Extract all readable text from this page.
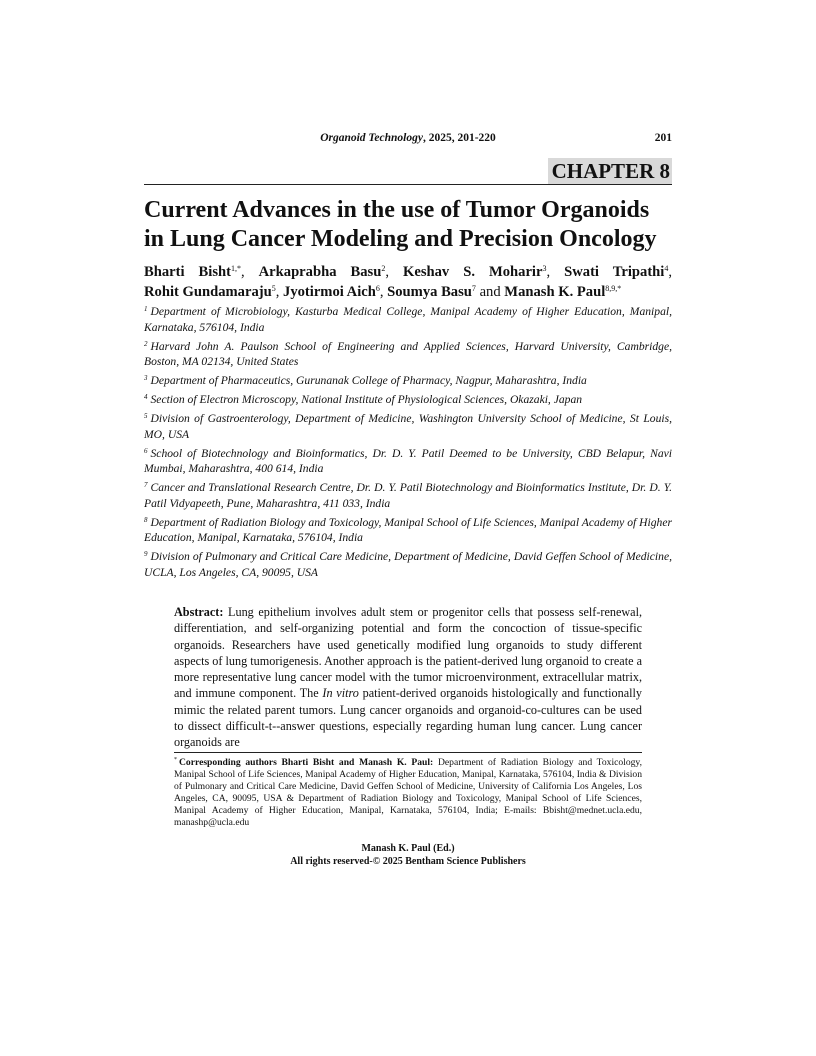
Organoid Technology, 2025, 201-220	201
CHAPTER 8
Current Advances in the use of Tumor Organoids
in Lung Cancer Modeling and Precision Oncology
Bharti Bisht$^{1,*}$, Arkaprabha Basu$^2$, Keshav S. Moharir$^3$, Swati Tripathi$^4$,
Rohit Gundamaraju$^5$, Jyotirmoi Aich$^6$, Soumya Basu$^7$ and Manash K. Paul$^{8,9,*}$

$^1$ Department of Microbiology, Kasturba Medical College, Manipal Academy of Higher Education, Manipal, Karnataka, 576104, India

$^2$ Harvard John A. Paulson School of Engineering and Applied Sciences, Harvard University, Cambridge, Boston, MA 02134, United States

$^3$ Department of Pharmaceutics, Gurunanak College of Pharmacy, Nagpur, Maharashtra, India

$^4$ Section of Electron Microscopy, National Institute of Physiological Sciences, Okazaki, Japan

$^5$ Division of Gastroenterology, Department of Medicine, Washington University School of Medicine, St Louis, MO, USA

$^6$ School of Biotechnology and Bioinformatics, Dr. D. Y. Patil Deemed to be University, CBD Belapur, Navi Mumbai, Maharashtra, 400 614, India

$^7$ Cancer and Translational Research Centre, Dr. D. Y. Patil Biotechnology and Bioinformatics Institute, Dr. D. Y. Patil Vidyapeeth, Pune, Maharashtra, 411 033, India

$^8$ Department of Radiation Biology and Toxicology, Manipal School of Life Sciences, Manipal Academy of Higher Education, Manipal, Karnataka, 576104, India

$^9$ Division of Pulmonary and Critical Care Medicine, Department of Medicine, David Geffen School of Medicine, UCLA, Los Angeles, CA, 90095, USA

Abstract: Lung epithelium involves adult stem or progenitor cells that possess self-renewal, differentiation, and self-organizing potential and form the concoction of tissue-specific organoids. Researchers have used genetically modified lung organoids to study different aspects of lung tumorigenesis. Another approach is the patient-derived lung organoid to create a more representative lung cancer model with the tumor microenvironment, extracellular matrix, and immune component. The In vitro patient-derived organoids histologically and functionally mimic the related parent tumors. Lung cancer organoids and organoid-co-cultures can be used to dissect difficult-t--answer questions, especially regarding human lung cancer. Lung cancer organoids are
* Corresponding authors Bharti Bisht and Manash K. Paul: Department of Radiation Biology and Toxicology, Manipal School of Life Sciences, Manipal Academy of Higher Education, Manipal, Karnataka, 576104, India & Division of Pulmonary and Critical Care Medicine, David Geffen School of Medicine, University of California Los Angeles, Los Angeles, CA, 90095, USA & Department of Radiation Biology and Toxicology, Manipal School of Life Sciences, Manipal Academy of Higher Education, Manipal, Karnataka, 576104, India; E-mails: Bbisht@mednet.ucla.edu, manashp@ucla.edu
Manash K. Paul (Ed.)
All rights reserved-© 2025 Bentham Science Publishers
